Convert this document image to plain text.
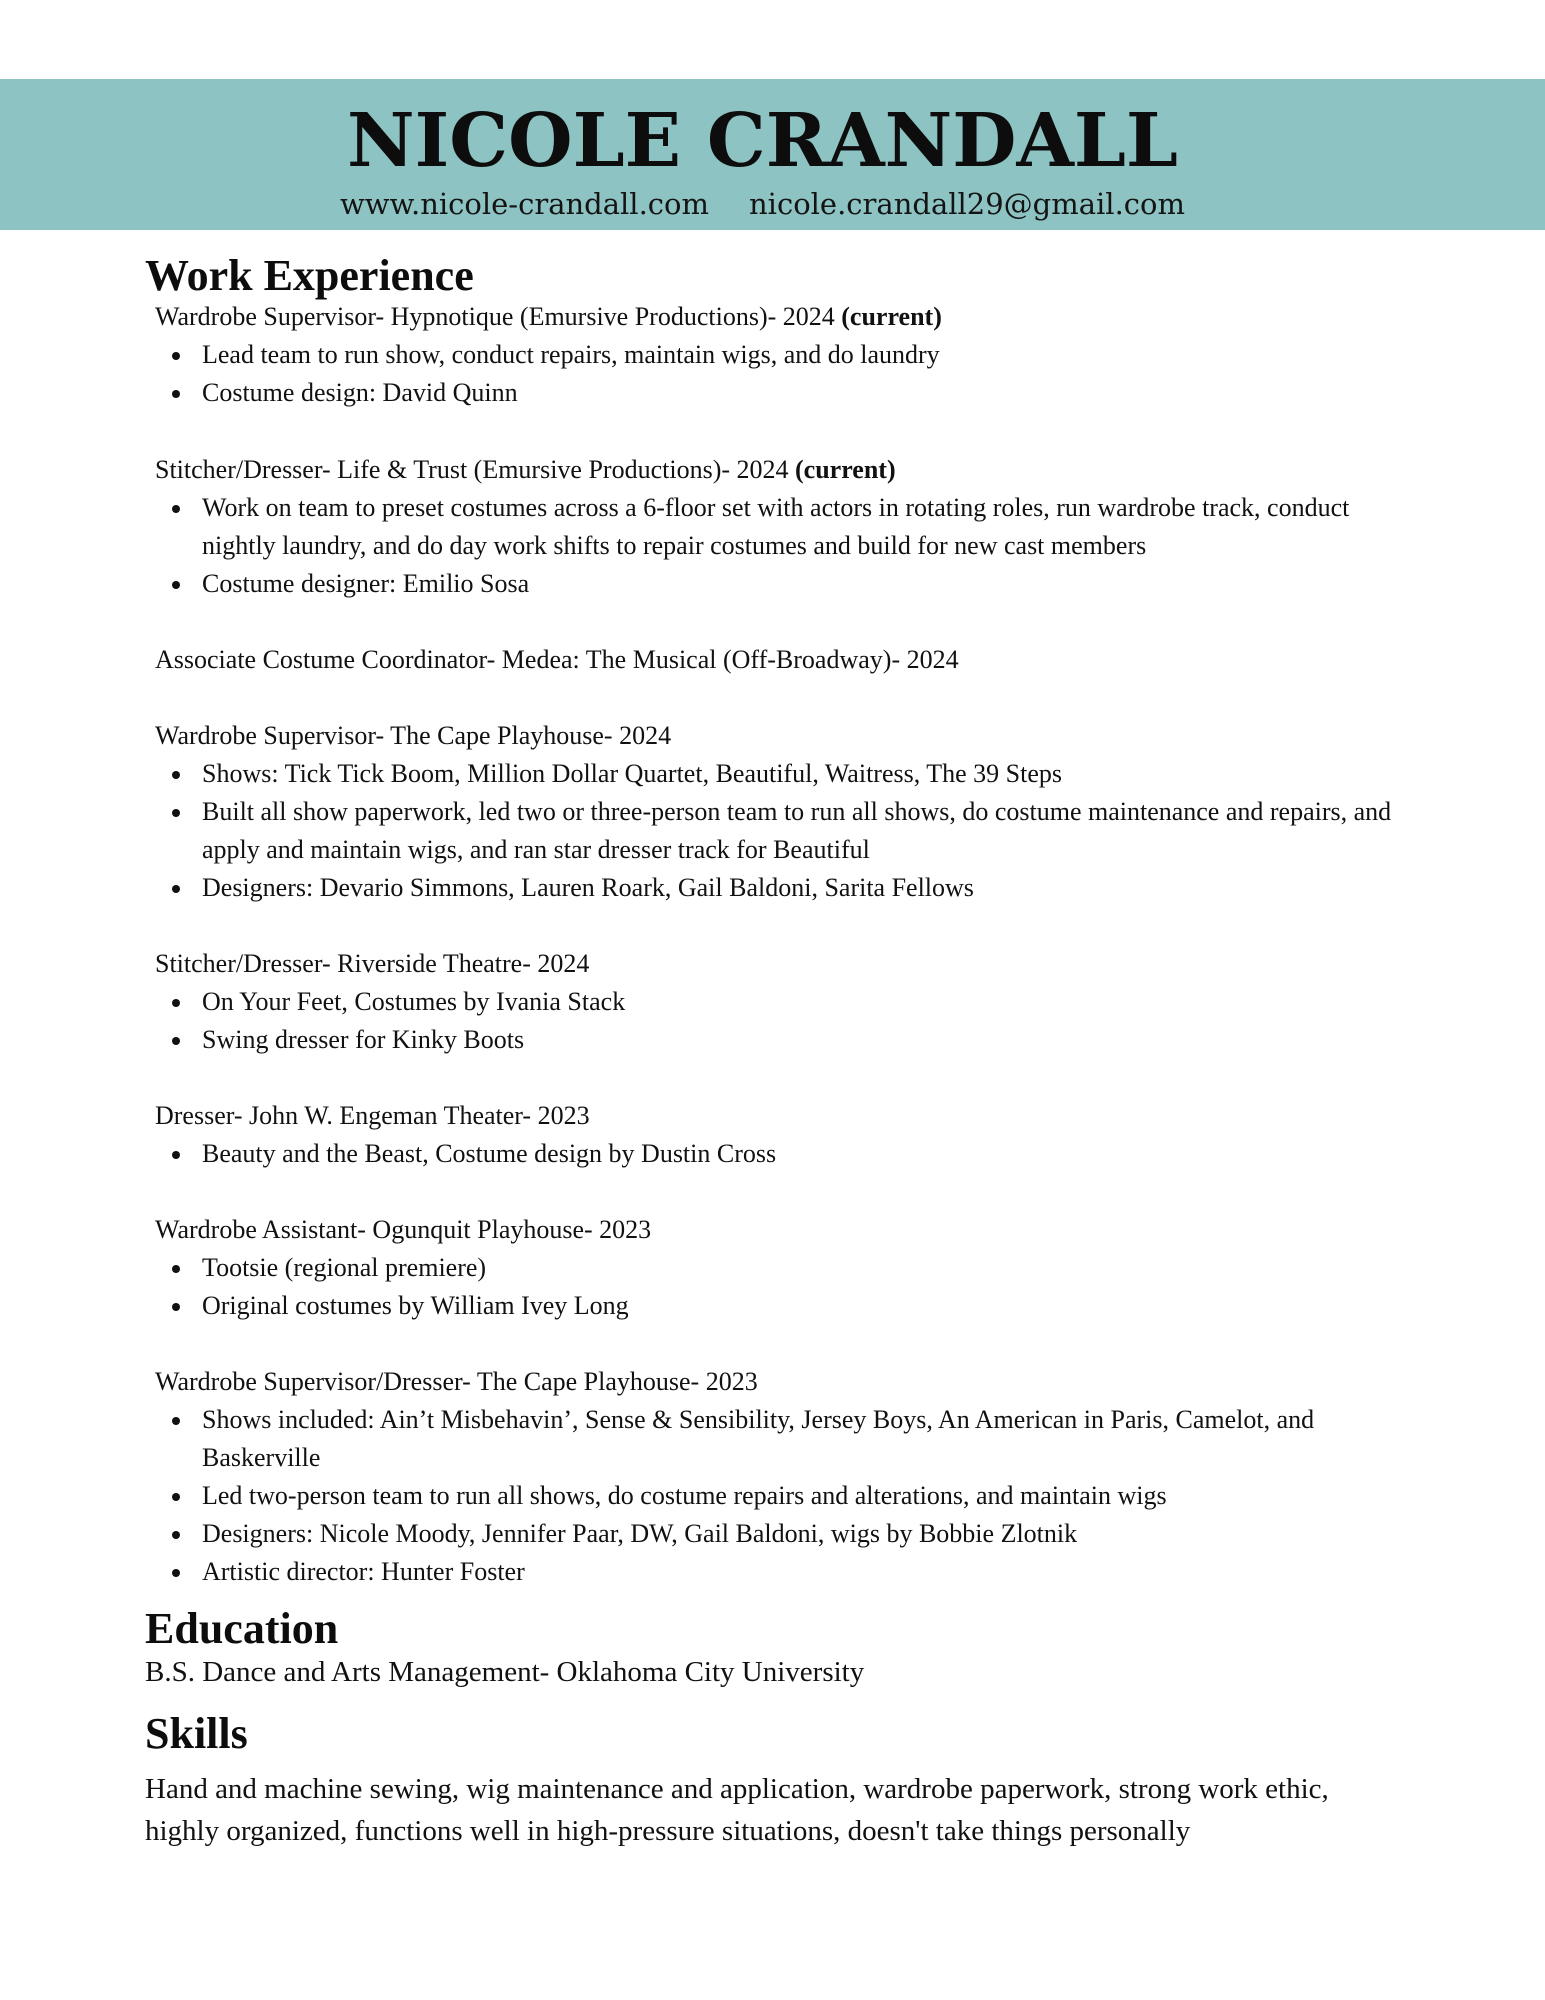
NICOLE CRANDALL
www.nicole-crandall.com nicole.crandall29@gmail.com
Work Experience
Wardrobe Supervisor- Hypnotique (Emursive Productions)- 2024 (current)
Lead team to run show, conduct repairs, maintain wigs, and do laundry
Costume design: David Quinn
Stitcher/Dresser- Life & Trust (Emursive Productions)- 2024 (current)
Work on team to preset costumes across a 6-floor set with actors in rotating roles, run wardrobe track, conduct nightly laundry, and do day work shifts to repair costumes and build for new cast members
Costume designer: Emilio Sosa
Associate Costume Coordinator- Medea: The Musical (Off-Broadway)- 2024
Wardrobe Supervisor- The Cape Playhouse- 2024
Shows: Tick Tick Boom, Million Dollar Quartet, Beautiful, Waitress, The 39 Steps
Built all show paperwork, led two or three-person team to run all shows, do costume maintenance and repairs, and apply and maintain wigs, and ran star dresser track for Beautiful
Designers: Devario Simmons, Lauren Roark, Gail Baldoni, Sarita Fellows
Stitcher/Dresser- Riverside Theatre- 2024
On Your Feet, Costumes by Ivania Stack
Swing dresser for Kinky Boots
Dresser- John W. Engeman Theater- 2023
Beauty and the Beast, Costume design by Dustin Cross
Wardrobe Assistant- Ogunquit Playhouse- 2023
Tootsie (regional premiere)
Original costumes by William Ivey Long
Wardrobe Supervisor/Dresser- The Cape Playhouse- 2023
Shows included: Ain’t Misbehavin’, Sense & Sensibility, Jersey Boys, An American in Paris, Camelot, and Baskerville
Led two-person team to run all shows, do costume repairs and alterations, and maintain wigs
Designers: Nicole Moody, Jennifer Paar, DW, Gail Baldoni, wigs by Bobbie Zlotnik
Artistic director: Hunter Foster
Education
B.S. Dance and Arts Management- Oklahoma City University
Skills
Hand and machine sewing, wig maintenance and application, wardrobe paperwork, strong work ethic, highly organized, functions well in high-pressure situations, doesn't take things personally
